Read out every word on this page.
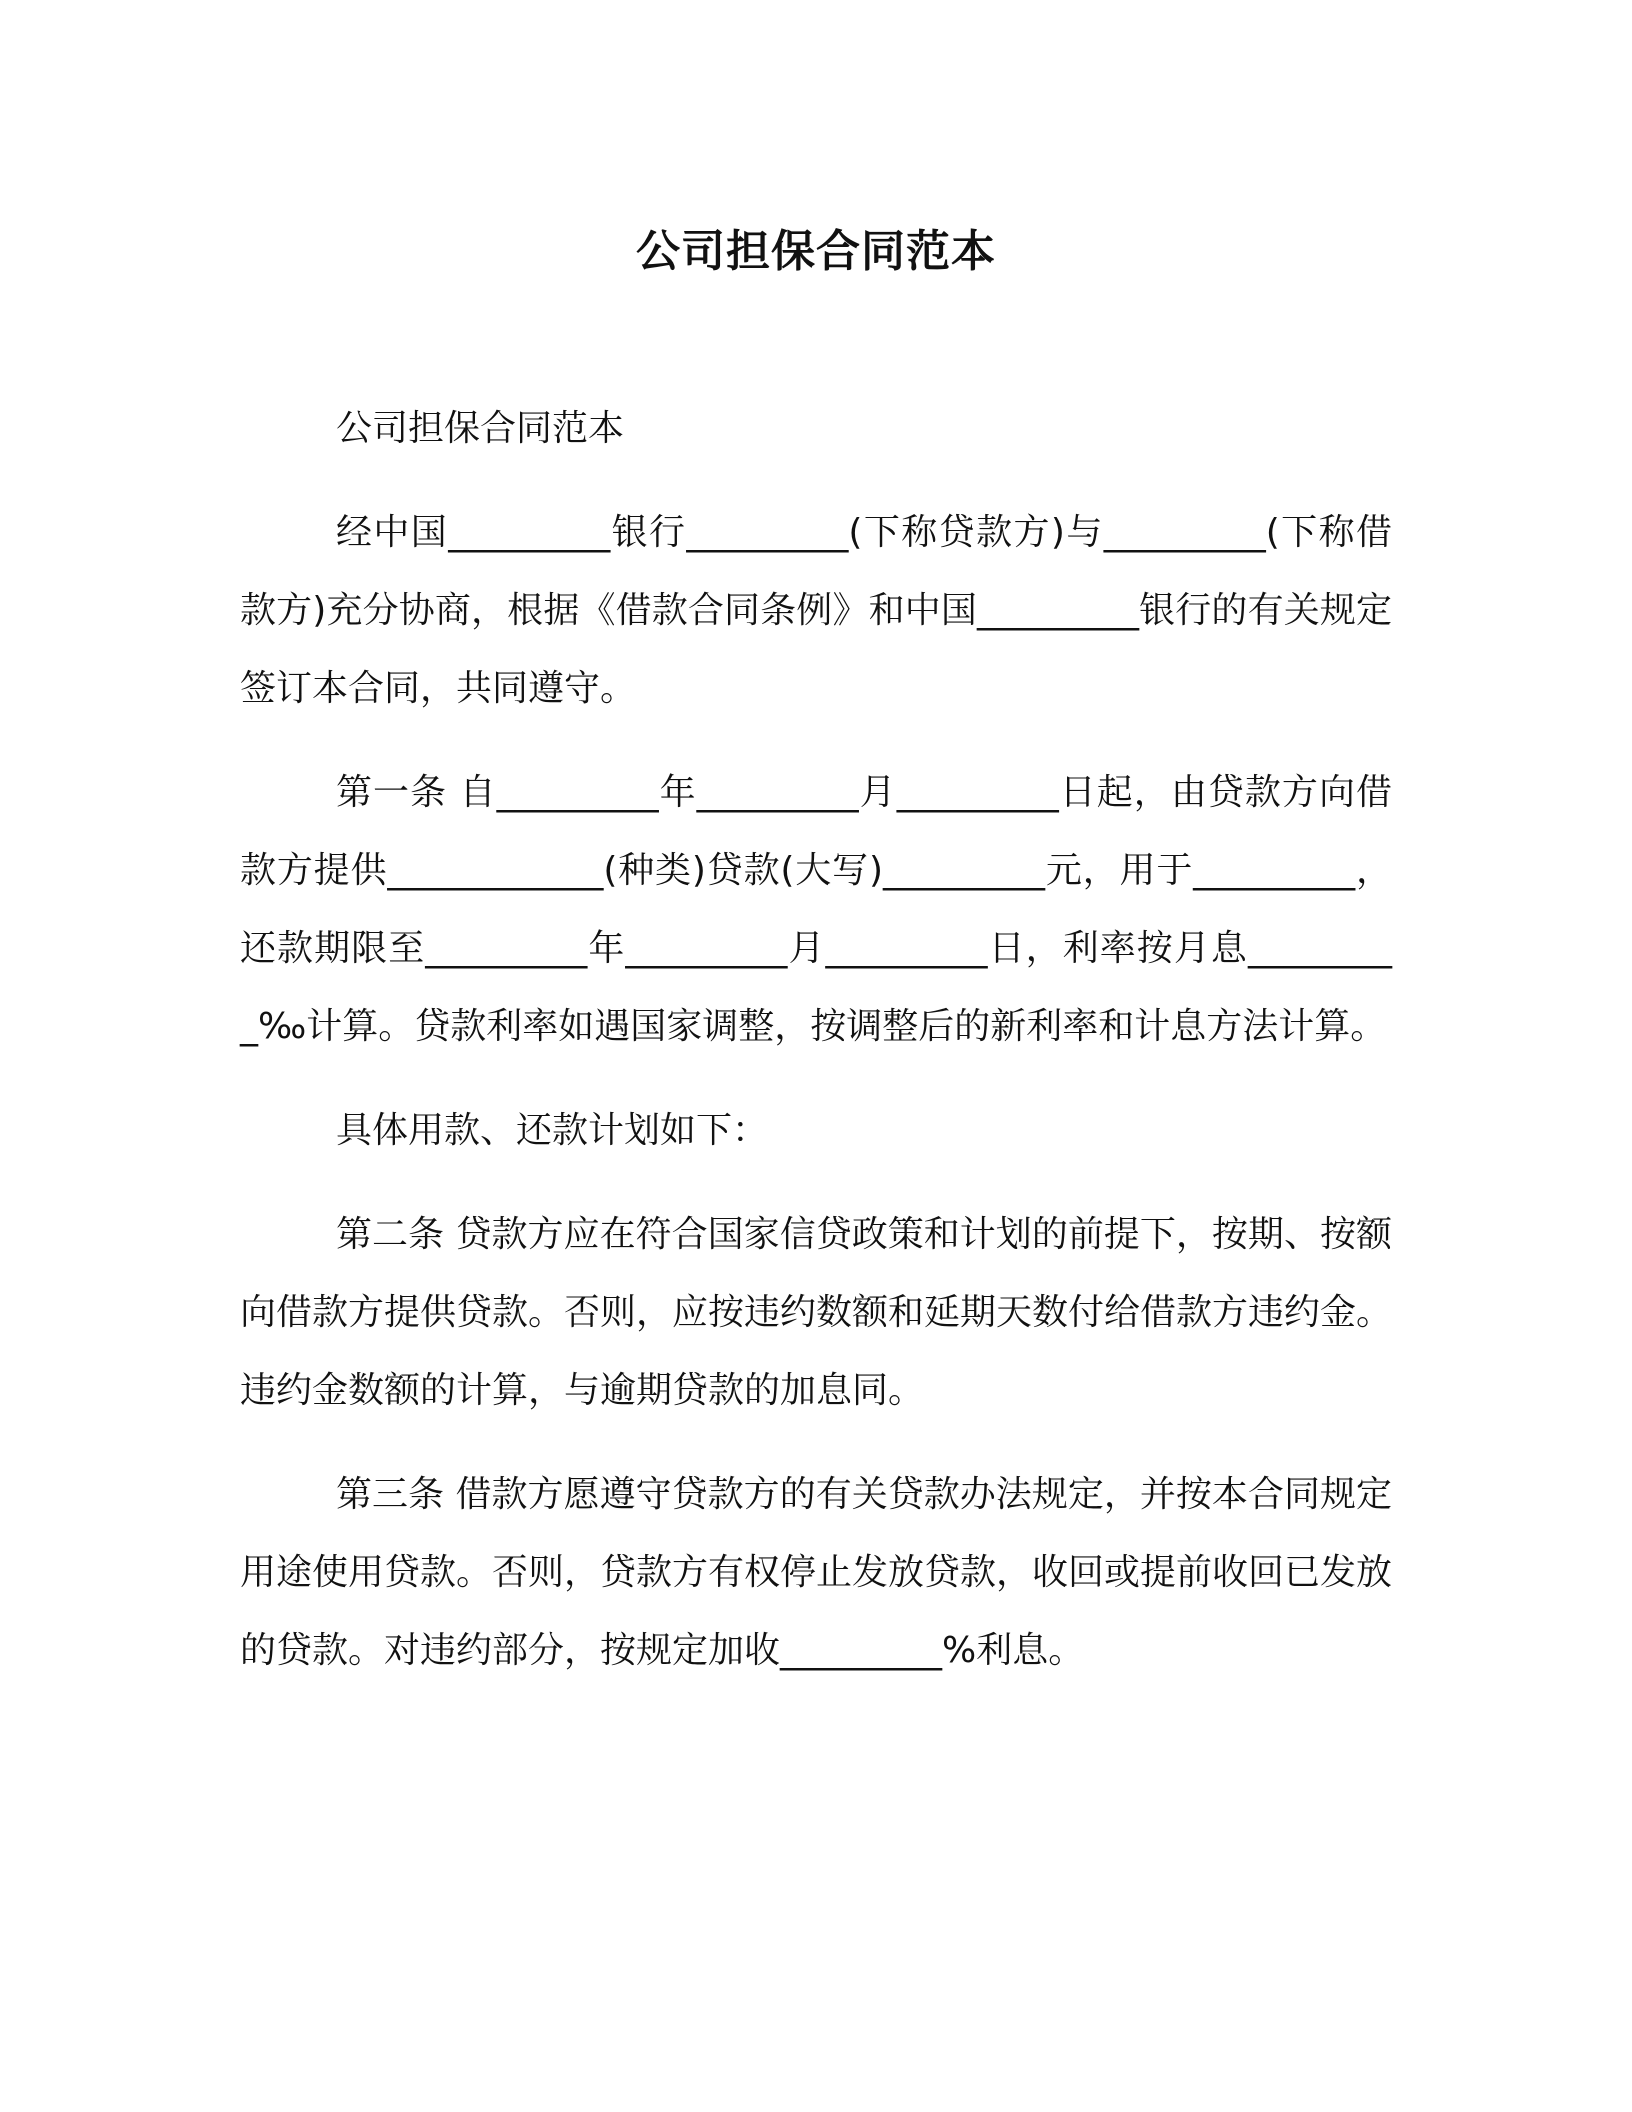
公司担保合同范本

公司担保合同范本

经中国_________银行_________(下称贷款方)与_________(下称借款方)充分协商，根据《借款合同条例》和中国_________银行的有关规定签订本合同，共同遵守。

第一条 自_________年_________月_________日起，由贷款方向借款方提供____________(种类)贷款(大写)_________元，用于_________，还款期限至_________年_________月_________日，利率按月息_________‰计算。贷款利率如遇国家调整，按调整后的新利率和计息方法计算。

具体用款、还款计划如下：

第二条 贷款方应在符合国家信贷政策和计划的前提下，按期、按额向借款方提供贷款。否则，应按违约数额和延期天数付给借款方违约金。违约金数额的计算，与逾期贷款的加息同。

第三条 借款方愿遵守贷款方的有关贷款办法规定，并按本合同规定用途使用贷款。否则，贷款方有权停止发放贷款，收回或提前收回已发放的贷款。对违约部分，按规定加收_________%利息。
